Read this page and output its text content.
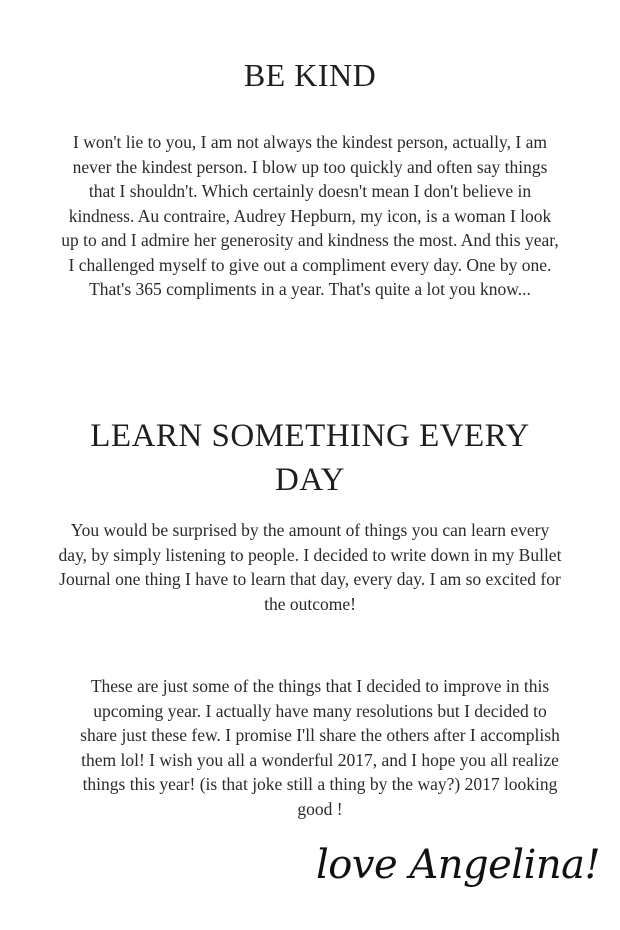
BE KIND

I won't lie to you, I am not always the kindest person, actually, I am never the kindest person. I blow up too quickly and often say things that I shouldn't. Which certainly doesn't mean I don't believe in kindness. Au contraire, Audrey Hepburn, my icon, is a woman I look up to and I admire her generosity and kindness the most. And this year, I challenged myself to give out a compliment every day. One by one. That's 365 compliments in a year. That's quite a lot you know...

LEARN SOMETHING EVERY DAY

You would be surprised by the amount of things you can learn every day, by simply listening to people. I decided to write down in my Bullet Journal one thing I have to learn that day, every day. I am so excited for the outcome!

These are just some of the things that I decided to improve in this upcoming year. I actually have many resolutions but I decided to share just these few. I promise I'll share the others after I accomplish them lol! I wish you all a wonderful 2017, and I hope you all realize things this year! (is that joke still a thing by the way?) 2017 looking good !

love Angelina!
